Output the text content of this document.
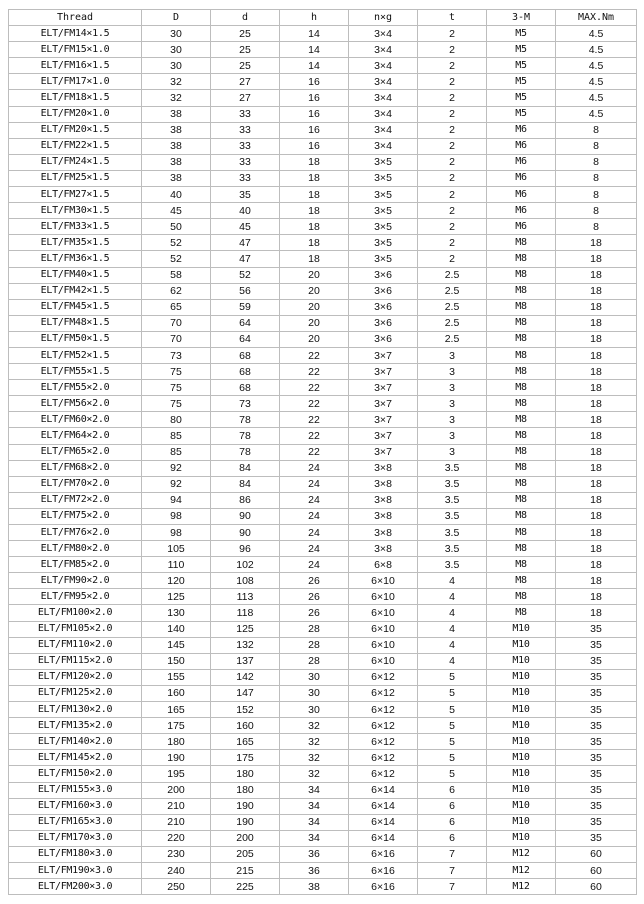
Thread	D	d	h	n×g	t	3-M	MAX.Nm
ELT/FM14×1.5	30	25	14	3×4	2	M5	4.5
ELT/FM15×1.0	30	25	14	3×4	2	M5	4.5
ELT/FM16×1.5	30	25	14	3×4	2	M5	4.5
ELT/FM17×1.0	32	27	16	3×4	2	M5	4.5
ELT/FM18×1.5	32	27	16	3×4	2	M5	4.5
ELT/FM20×1.0	38	33	16	3×4	2	M5	4.5
ELT/FM20×1.5	38	33	16	3×4	2	M6	8
ELT/FM22×1.5	38	33	16	3×4	2	M6	8
ELT/FM24×1.5	38	33	18	3×5	2	M6	8
ELT/FM25×1.5	38	33	18	3×5	2	M6	8
ELT/FM27×1.5	40	35	18	3×5	2	M6	8
ELT/FM30×1.5	45	40	18	3×5	2	M6	8
ELT/FM33×1.5	50	45	18	3×5	2	M6	8
ELT/FM35×1.5	52	47	18	3×5	2	M8	18
ELT/FM36×1.5	52	47	18	3×5	2	M8	18
ELT/FM40×1.5	58	52	20	3×6	2.5	M8	18
ELT/FM42×1.5	62	56	20	3×6	2.5	M8	18
ELT/FM45×1.5	65	59	20	3×6	2.5	M8	18
ELT/FM48×1.5	70	64	20	3×6	2.5	M8	18
ELT/FM50×1.5	70	64	20	3×6	2.5	M8	18
ELT/FM52×1.5	73	68	22	3×7	3	M8	18
ELT/FM55×1.5	75	68	22	3×7	3	M8	18
ELT/FM55×2.0	75	68	22	3×7	3	M8	18
ELT/FM56×2.0	75	73	22	3×7	3	M8	18
ELT/FM60×2.0	80	78	22	3×7	3	M8	18
ELT/FM64×2.0	85	78	22	3×7	3	M8	18
ELT/FM65×2.0	85	78	22	3×7	3	M8	18
ELT/FM68×2.0	92	84	24	3×8	3.5	M8	18
ELT/FM70×2.0	92	84	24	3×8	3.5	M8	18
ELT/FM72×2.0	94	86	24	3×8	3.5	M8	18
ELT/FM75×2.0	98	90	24	3×8	3.5	M8	18
ELT/FM76×2.0	98	90	24	3×8	3.5	M8	18
ELT/FM80×2.0	105	96	24	3×8	3.5	M8	18
ELT/FM85×2.0	110	102	24	6×8	3.5	M8	18
ELT/FM90×2.0	120	108	26	6×10	4	M8	18
ELT/FM95×2.0	125	113	26	6×10	4	M8	18
ELT/FM100×2.0	130	118	26	6×10	4	M8	18
ELT/FM105×2.0	140	125	28	6×10	4	M10	35
ELT/FM110×2.0	145	132	28	6×10	4	M10	35
ELT/FM115×2.0	150	137	28	6×10	4	M10	35
ELT/FM120×2.0	155	142	30	6×12	5	M10	35
ELT/FM125×2.0	160	147	30	6×12	5	M10	35
ELT/FM130×2.0	165	152	30	6×12	5	M10	35
ELT/FM135×2.0	175	160	32	6×12	5	M10	35
ELT/FM140×2.0	180	165	32	6×12	5	M10	35
ELT/FM145×2.0	190	175	32	6×12	5	M10	35
ELT/FM150×2.0	195	180	32	6×12	5	M10	35
ELT/FM155×3.0	200	180	34	6×14	6	M10	35
ELT/FM160×3.0	210	190	34	6×14	6	M10	35
ELT/FM165×3.0	210	190	34	6×14	6	M10	35
ELT/FM170×3.0	220	200	34	6×14	6	M10	35
ELT/FM180×3.0	230	205	36	6×16	7	M12	60
ELT/FM190×3.0	240	215	36	6×16	7	M12	60
ELT/FM200×3.0	250	225	38	6×16	7	M12	60
